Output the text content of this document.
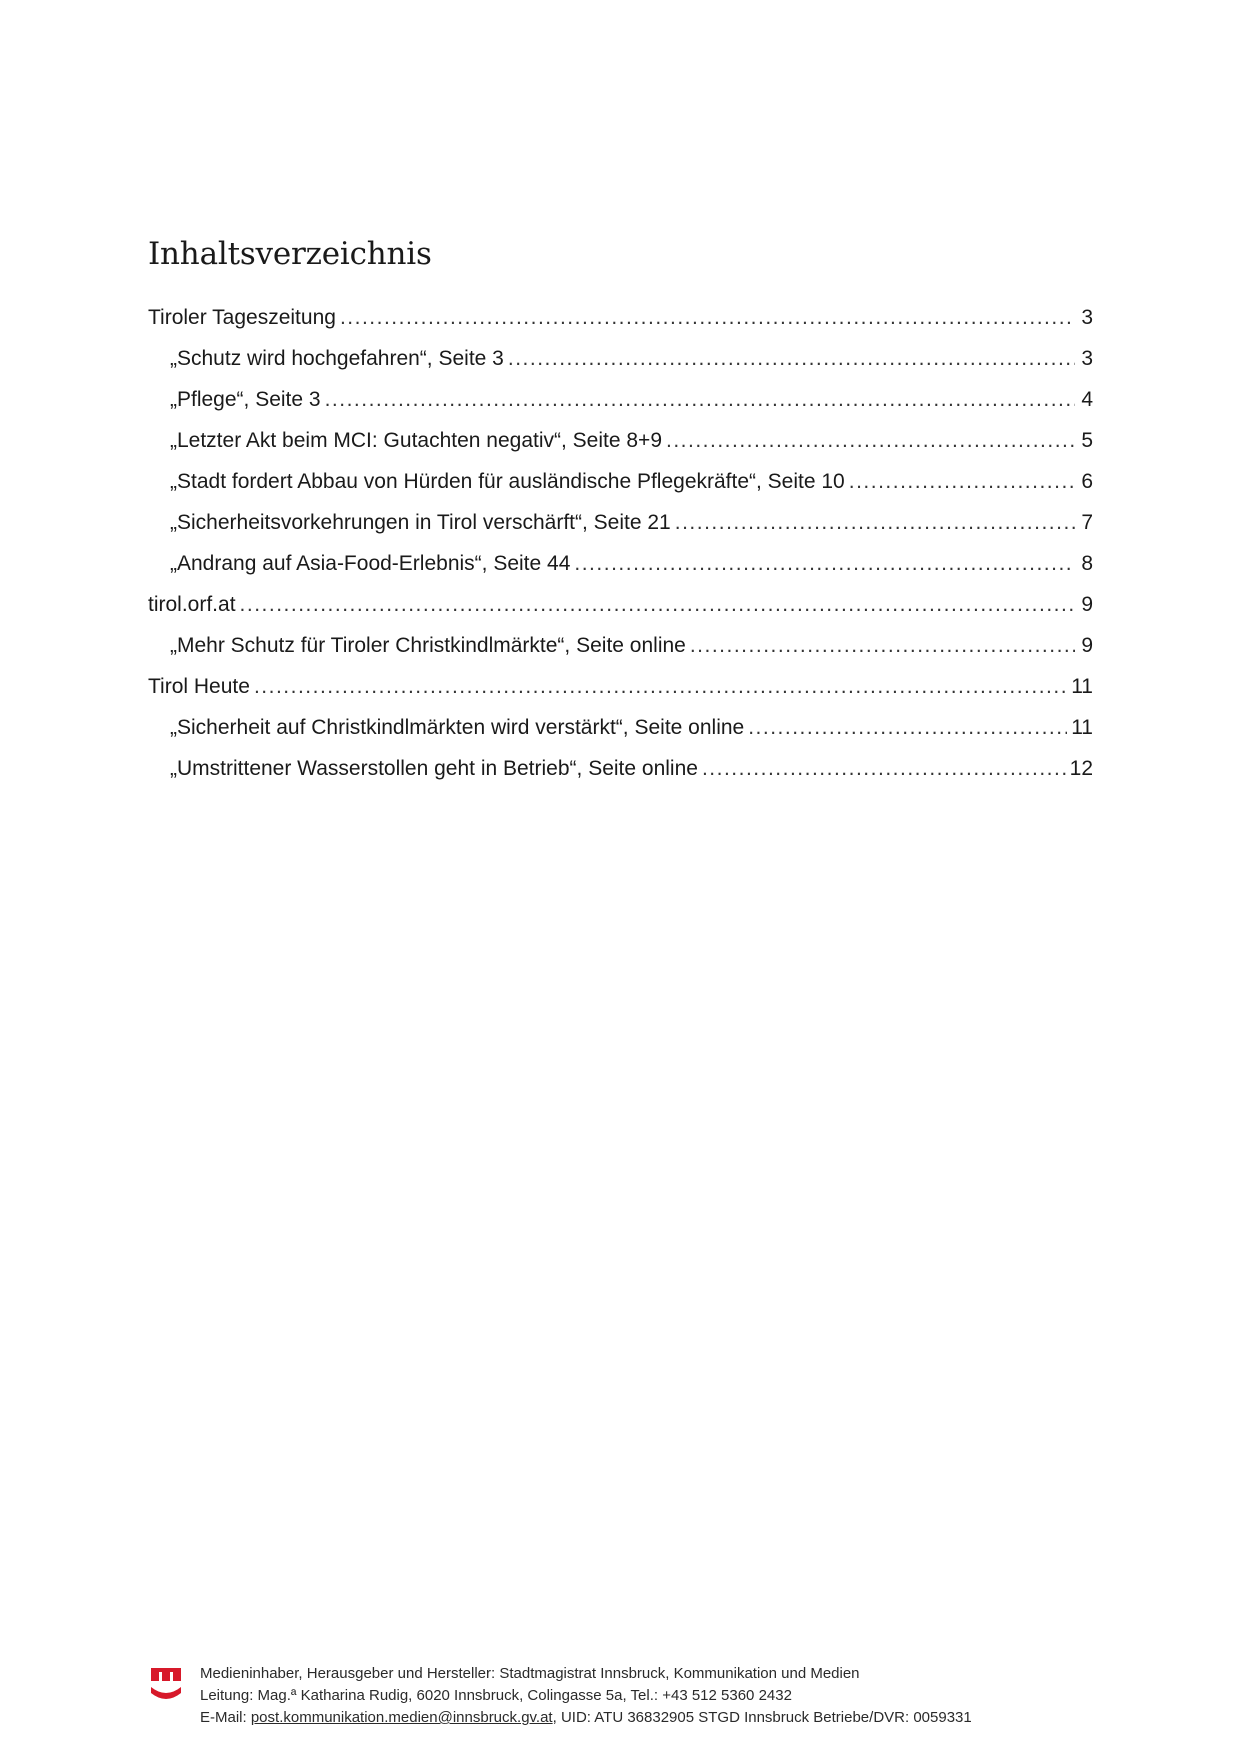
Inhaltsverzeichnis
Tiroler Tageszeitung .....	3
„Schutz wird hochgefahren“, Seite 3 .....	3
„Pflege“, Seite 3 .....	4
„Letzter Akt beim MCI: Gutachten negativ“, Seite 8+9 .....	5
„Stadt fordert Abbau von Hürden für ausländische Pflegekräfte“, Seite 10 .....	6
„Sicherheitsvorkehrungen in Tirol verschärft“, Seite 21 .....	7
„Andrang auf Asia-Food-Erlebnis“, Seite 44 .....	8
tirol.orf.at .....	9
„Mehr Schutz für Tiroler Christkindlmärkte“, Seite online .....	9
Tirol Heute .....	11
„Sicherheit auf Christkindlmärkten wird verstärkt“, Seite online .....	11
„Umstrittener Wasserstollen geht in Betrieb“, Seite online .....	12
Medieninhaber, Herausgeber und Hersteller: Stadtmagistrat Innsbruck, Kommunikation und Medien
Leitung: Mag.ª Katharina Rudig, 6020 Innsbruck, Colingasse 5a, Tel.: +43 512 5360 2432
E-Mail: post.kommunikation.medien@innsbruck.gv.at, UID: ATU 36832905 STGD Innsbruck Betriebe/DVR: 0059331
